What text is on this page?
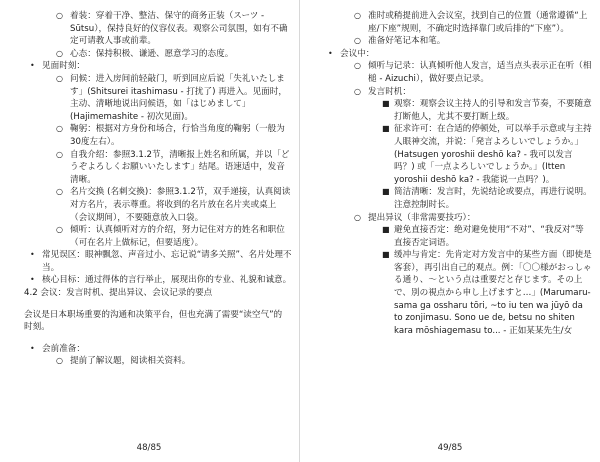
○ 着装：穿着干净、整洁、保守的商务正装（スーツ - Sūtsu），保持良好的仪容仪表。观察公司氛围，如有不确定可请教人事或前辈。
○ 心态：保持积极、谦逊、愿意学习的态度。
• 见面时刻：
○ 问候：进入房间前轻敲门，听到回应后说「失礼いたします」(Shitsurei itashimasu - 打扰了) 再进入。见面时，主动、清晰地说出问候语，如「はじめまして」(Hajimemashite - 初次见面)。
○ 鞠躬：根据对方身份和场合，行恰当角度的鞠躬（一般为30度左右）。
○ 自我介绍：参照3.1.2节，清晰报上姓名和所属，并以「どうぞよろしくお願いいたします」结尾。语速适中，发音清晰。
○ 名片交换 (名刺交換)：参照3.1.2节，双手递接，认真阅读对方名片，表示尊重。将收到的名片放在名片夹或桌上（会议期间），不要随意放入口袋。
○ 倾听：认真倾听对方的介绍，努力记住对方的姓名和职位（可在名片上做标记，但要适度）。
• 常见误区：眼神飘忽、声音过小、忘记说“请多关照”、名片处理不当。
• 核心目标：通过得体的言行举止，展现出你的专业、礼貌和诚意。
4.2 会议：发言时机、提出异议、会议记录的要点
会议是日本职场重要的沟通和决策平台，但也充满了需要“读空气”的时刻。
• 会前准备：
○ 提前了解议题，阅读相关资料。
48/85
○ 准时或稍提前进入会议室，找到自己的位置（通常遵循“上座/下座”规则，不确定时选择靠门或后排的“下座”）。
○ 准备好笔记本和笔。
• 会议中：
○ 倾听与记录：认真倾听他人发言，适当点头表示正在听（相槌 - Aizuchi），做好要点记录。
○ 发言时机：
■ 观察：观察会议主持人的引导和发言节奏，不要随意打断他人，尤其不要打断上级。
■ 征求许可：在合适的停顿处，可以举手示意或与主持人眼神交流，并说：「発言よろしいでしょうか。」(Hatsugen yoroshii deshō ka? - 我可以发言吗？) 或「一点よろしいでしょうか。」(Itten yoroshii deshō ka? - 我能说一点吗？)。
■ 简洁清晰：发言时，先说结论或要点，再进行说明。注意控制时长。
○ 提出异议（非常需要技巧）：
■ 避免直接否定：绝对避免使用“不对”、“我反对”等直接否定词语。
■ 缓冲与肯定：先肯定对方发言中的某些方面（即使是客套），再引出自己的观点。例：「〇〇様がおっしゃる通り、〜という点は重要だと存じます。その上で、別の視点から申し上げますと…」(Marumaru-sama ga ossharu tōri, ~to iu ten wa jūyō da to zonjimasu. Sono ue de, betsu no shiten kara mōshiagemasu to... - 正如某某先生/女
49/85
